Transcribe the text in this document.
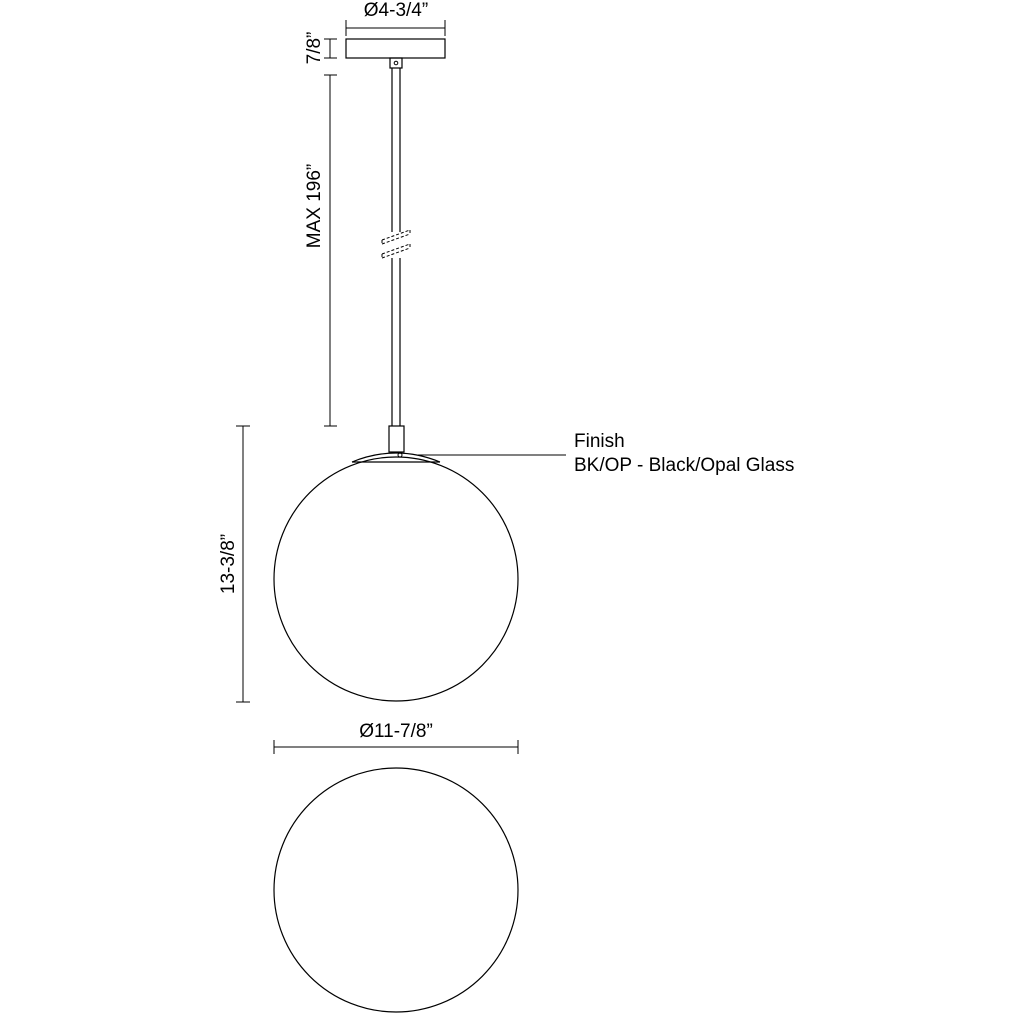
Ø4-3/4”
7/8”
MAX 196”
Finish
BK/OP - Black/Opal Glass
13-3/8”
Ø11-7/8”
